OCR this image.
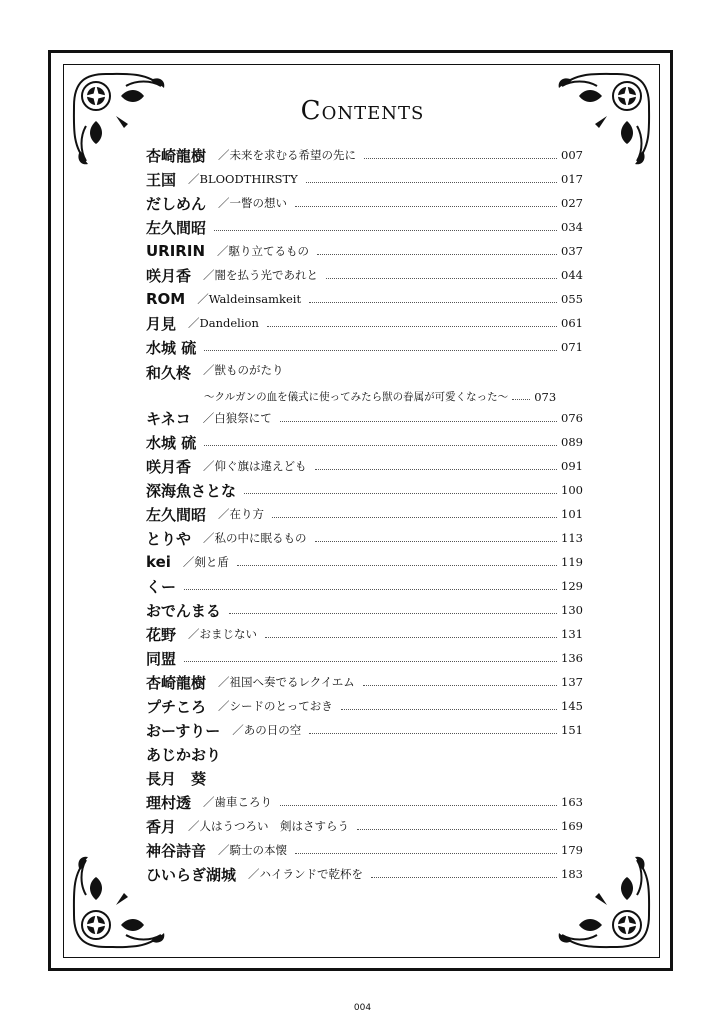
Contents
杏崎龍樹 ／未来を求むる希望の先に	007
王国 ／BLOODTHIRSTY	017
だしめん ／一瞥の想い	027
左久間昭	034
URIRIN ／駆り立てるもの	037
咲月香 ／闇を払う光であれと	044
ROM ／Waldeinsamkeit	055
月見 ／Dandelion	061
水城 硫	071
和久柊 ／獣ものがたり
〜クルガンの血を儀式に使ってみたら獣の眷属が可愛くなった〜 073
キネコ ／白狼祭にて	076
水城 硫	089
咲月香 ／仰ぐ旗は違えども	091
深海魚さとな	100
左久間昭 ／在り方	101
とりや ／私の中に眠るもの	113
kei ／剣と盾	119
くー	129
おでんまる	130
花野 ／おまじない	131
同盟	136
杏崎龍樹 ／祖国へ奏でるレクイエム	137
プチころ ／シードのとっておき	145
おーすりー ／あの日の空	151
あじかおり
長月　葵
理村透 ／歯車ころり	163
香月 ／人はうつろい　剣はさすらう	169
神谷詩音 ／騎士の本懐	179
ひいらぎ湖城 ／ハイランドで乾杯を	183
004
